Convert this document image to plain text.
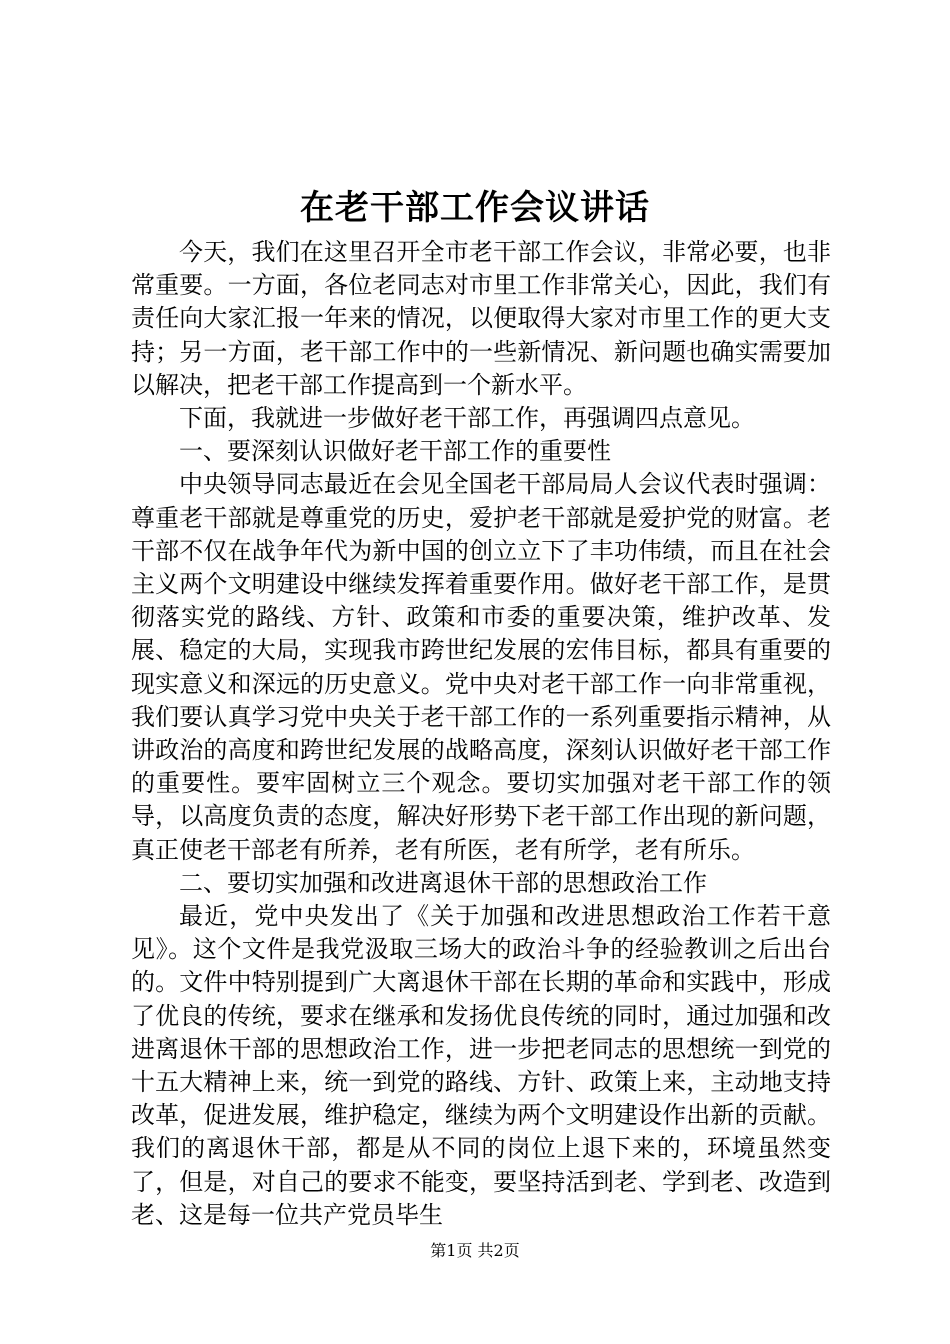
在老干部工作会议讲话

今天，我们在这里召开全市老干部工作会议，非常必要，也非常重要。一方面，各位老同志对市里工作非常关心，因此，我们有责任向大家汇报一年来的情况，以便取得大家对市里工作的更大支持；另一方面，老干部工作中的一些新情况、新问题也确实需要加以解决，把老干部工作提高到一个新水平。

下面，我就进一步做好老干部工作，再强调四点意见。

一、要深刻认识做好老干部工作的重要性

中央领导同志最近在会见全国老干部局局人会议代表时强调：尊重老干部就是尊重党的历史，爱护老干部就是爱护党的财富。老干部不仅在战争年代为新中国的创立立下了丰功伟绩，而且在社会主义两个文明建设中继续发挥着重要作用。做好老干部工作，是贯彻落实党的路线、方针、政策和市委的重要决策，维护改革、发展、稳定的大局，实现我市跨世纪发展的宏伟目标，都具有重要的现实意义和深远的历史意义。党中央对老干部工作一向非常重视，我们要认真学习党中央关于老干部工作的一系列重要指示精神，从讲政治的高度和跨世纪发展的战略高度，深刻认识做好老干部工作的重要性。要牢固树立三个观念。要切实加强对老干部工作的领导，以高度负责的态度，解决好形势下老干部工作出现的新问题，真正使老干部老有所养，老有所医，老有所学，老有所乐。

二、要切实加强和改进离退休干部的思想政治工作

最近，党中央发出了《关于加强和改进思想政治工作若干意见》。这个文件是我党汲取三场大的政治斗争的经验教训之后出台的。文件中特别提到广大离退休干部在长期的革命和实践中，形成了优良的传统，要求在继承和发扬优良传统的同时，通过加强和改进离退休干部的思想政治工作，进一步把老同志的思想统一到党的十五大精神上来，统一到党的路线、方针、政策上来，主动地支持改革，促进发展，维护稳定，继续为两个文明建设作出新的贡献。我们的离退休干部，都是从不同的岗位上退下来的，环境虽然变了，但是，对自己的要求不能变，要坚持活到老、学到老、改造到老、这是每一位共产党员毕生

第1页 共2页
